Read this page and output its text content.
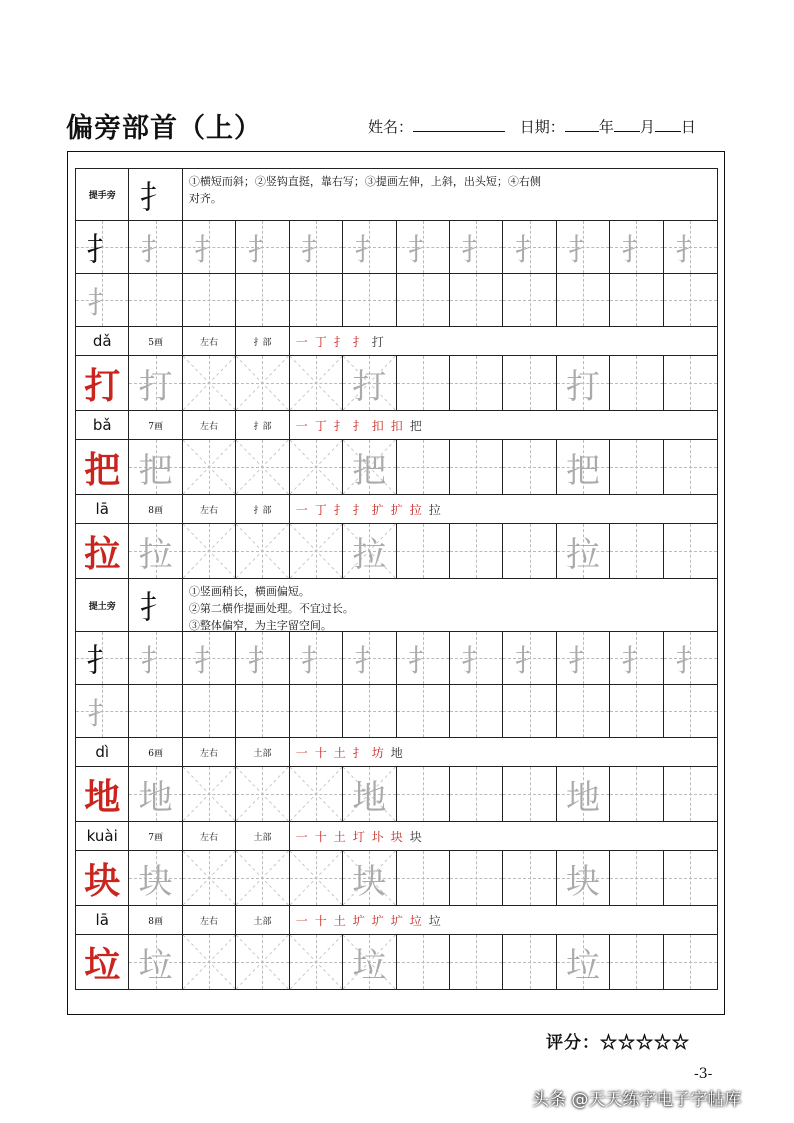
偏旁部首（上）	姓名：	日期： 年 月 日
提手旁 扌	①横短而斜；②竖钩直挺，靠右写；③提画左伸，上斜，出头短；④右侧
对齐。
扌 扌 扌 扌 扌 扌 扌 扌 扌 扌 扌 扌
扌
dǎ	5画	左右	扌部	一 丁 扌 扌 打
打 打	打	打
bǎ	7画	左右	扌部	一 丁 扌 扌 扣 扣 把
把 把	把	把
lā	8画	左右	扌部	一 丁 扌 扌 扩 扩 拉 拉
拉 拉	拉	拉
提土旁 扌	①竖画稍长，横画偏短。
②第二横作提画处理。不宜过长。
③整体偏窄，为主字留空间。
扌 扌 扌 扌 扌 扌 扌 扌 扌 扌 扌 扌
扌
dì	6画	左右	土部	一 十 土 扌 坊 地
地 地	地	地
kuài	7画	左右	土部	一 十 土 圢 圤 块 块
块 块	块	块
lā	8画	左右	土部	一 十 土 圹 圹 圹 垃 垃
垃 垃	垃	垃
评分：☆☆☆☆☆
-3-
头条 @天天练字电子字帖库
